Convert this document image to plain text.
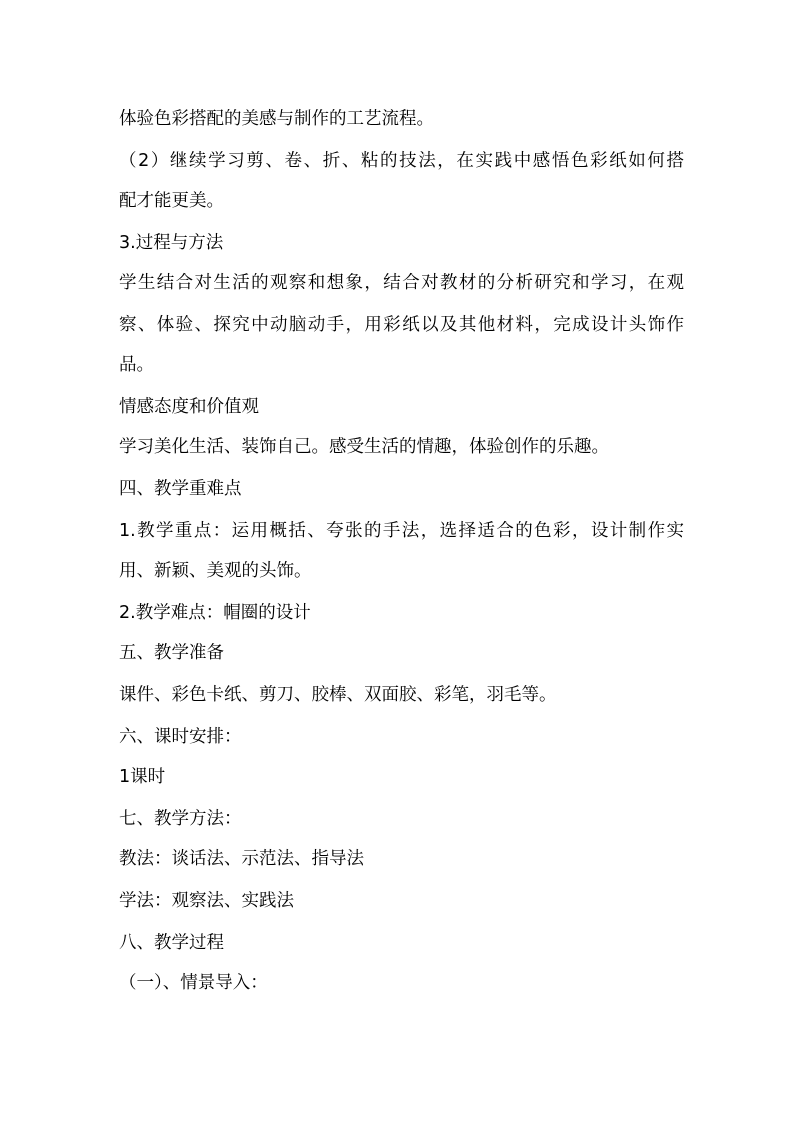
体验色彩搭配的美感与制作的工艺流程。
（2）继续学习剪、卷、折、粘的技法，在实践中感悟色彩纸如何搭
配才能更美。
3.过程与方法
学生结合对生活的观察和想象，结合对教材的分析研究和学习，在观
察、体验、探究中动脑动手，用彩纸以及其他材料，完成设计头饰作
品。
情感态度和价值观
学习美化生活、装饰自己。感受生活的情趣，体验创作的乐趣。
四、教学重难点
1.教学重点：运用概括、夸张的手法，选择适合的色彩，设计制作实
用、新颖、美观的头饰。
2.教学难点：帽圈的设计
五、教学准备
课件、彩色卡纸、剪刀、胶棒、双面胶、彩笔，羽毛等。
六、课时安排：
1课时
七、教学方法：
教法：谈话法、示范法、指导法
学法：观察法、实践法
八、教学过程
（一）、情景导入：
